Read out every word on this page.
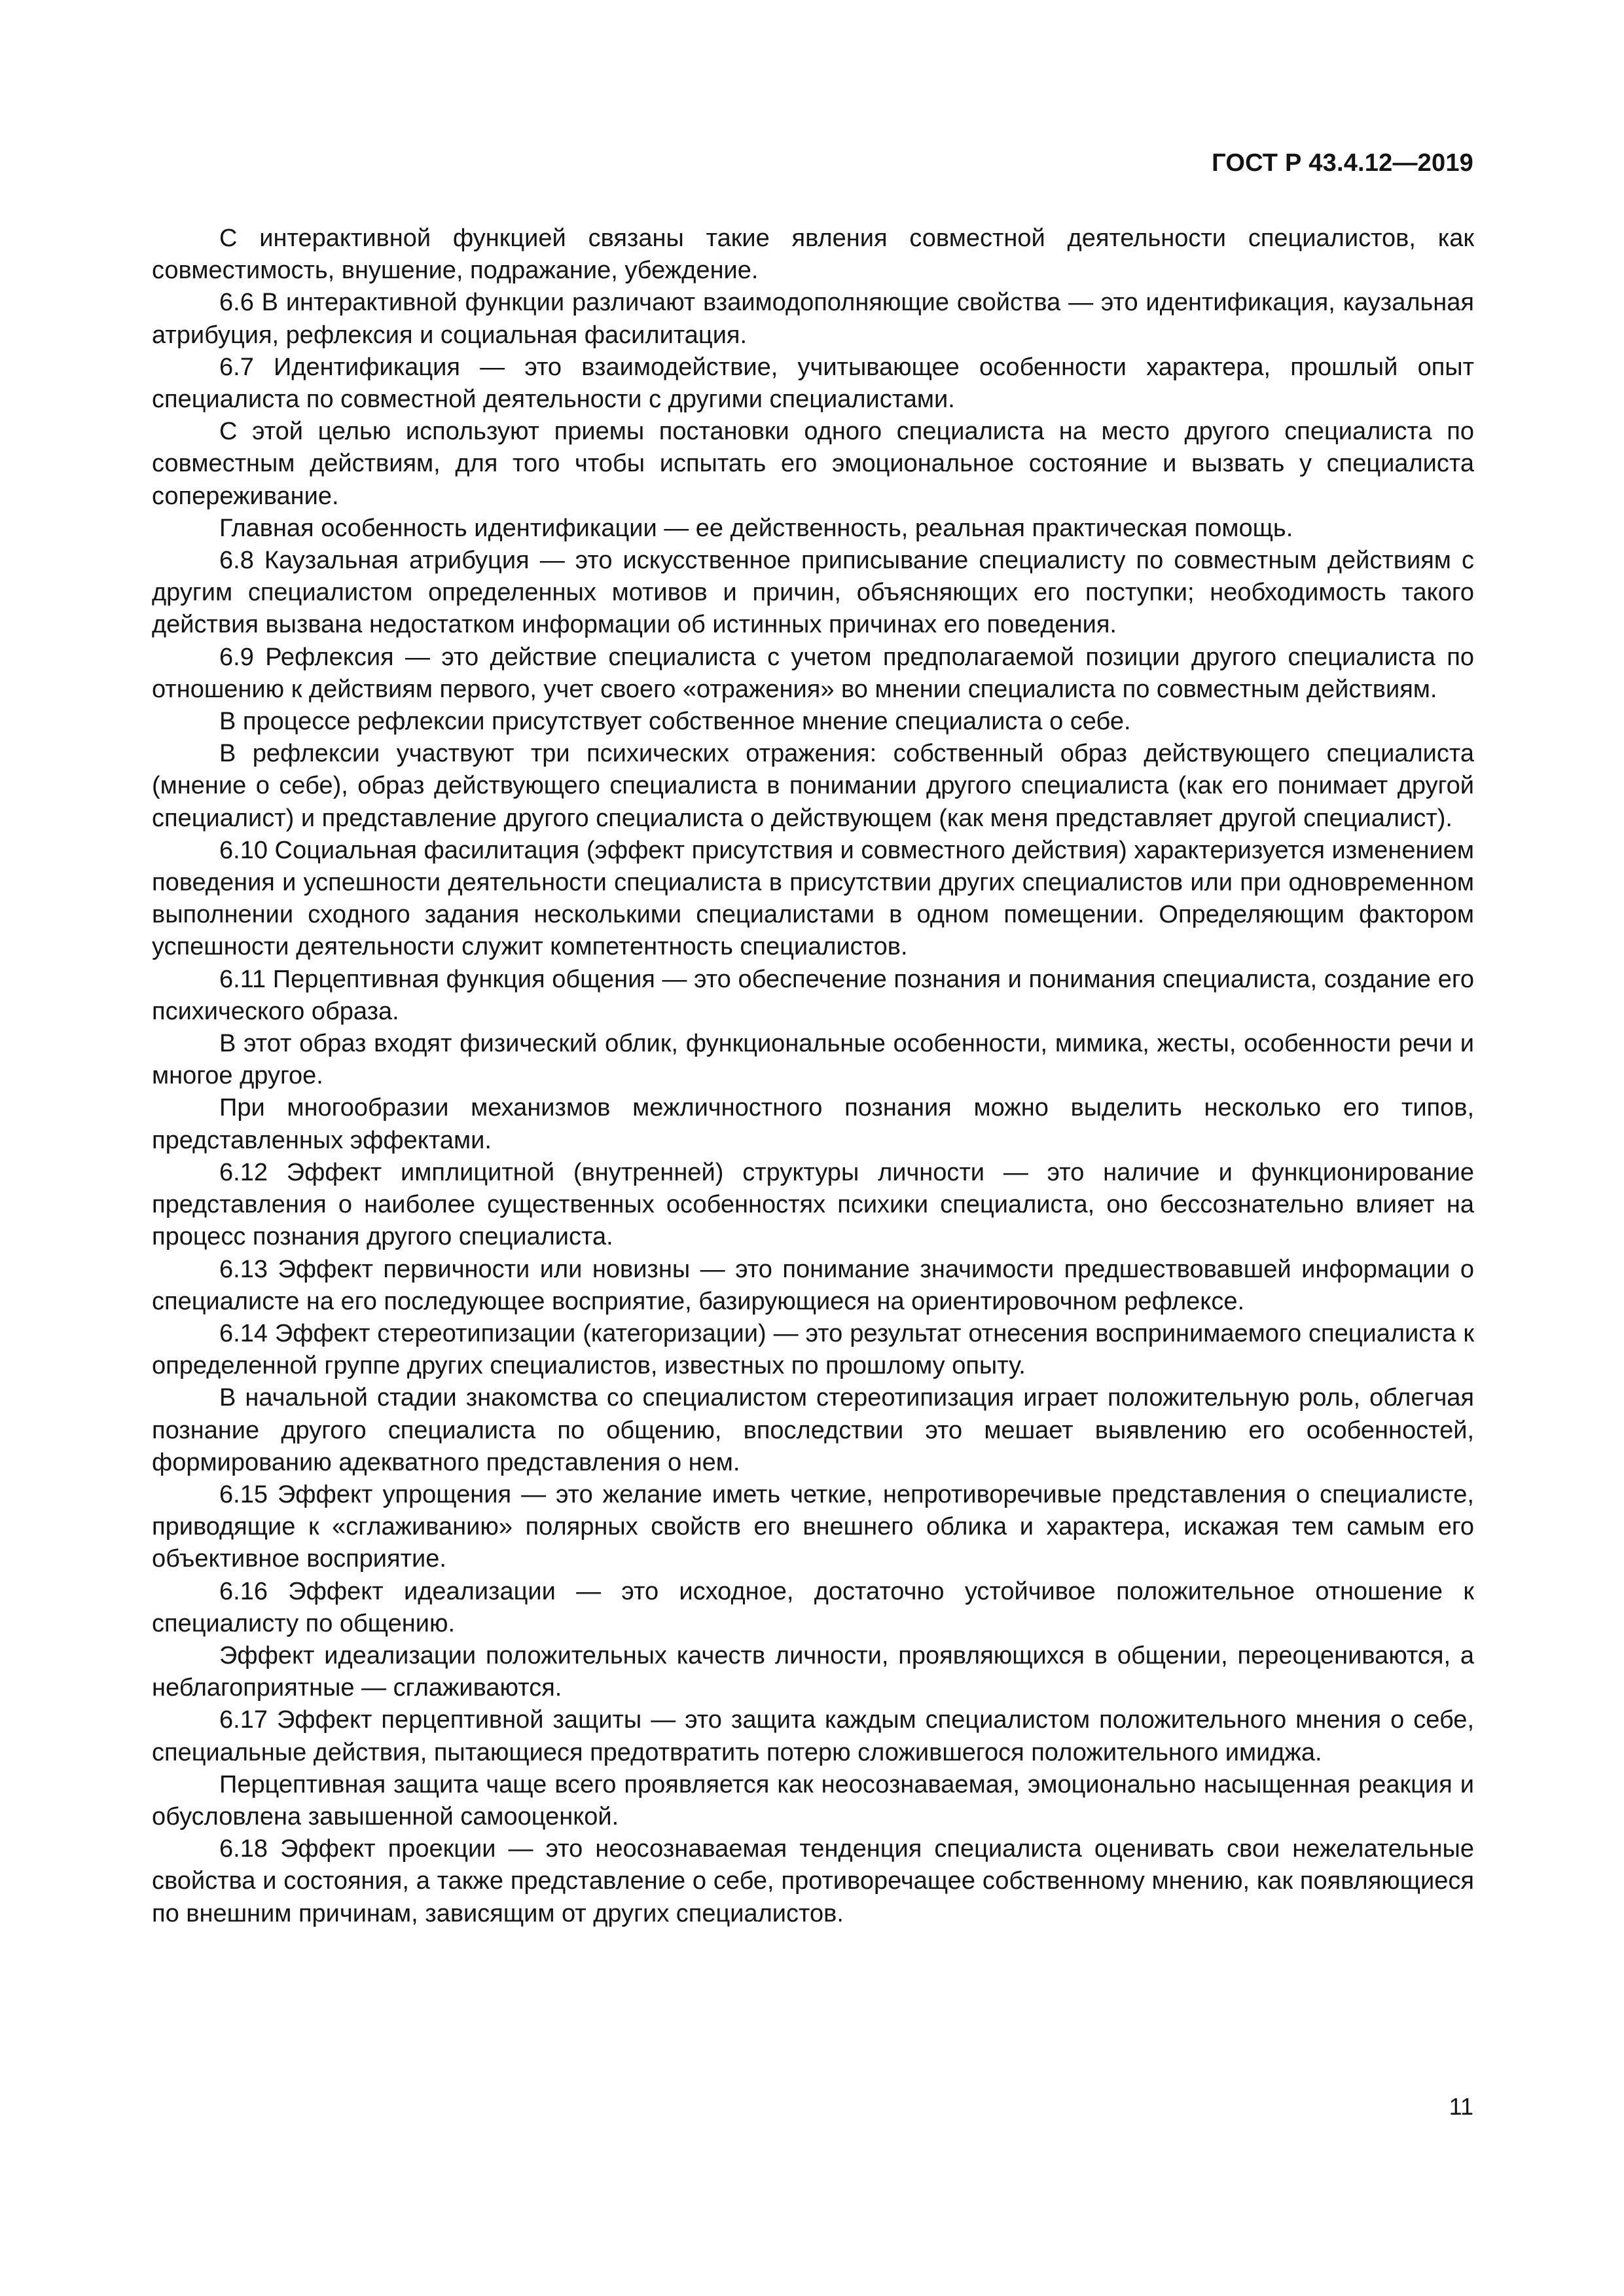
ГОСТ Р 43.4.12—2019

С интерактивной функцией связаны такие явления совместной деятельности специалистов, как совместимость, внушение, подражание, убеждение.

6.6 В интерактивной функции различают взаимодополняющие свойства — это идентификация, каузальная атрибуция, рефлексия и социальная фасилитация.

6.7 Идентификация — это взаимодействие, учитывающее особенности характера, прошлый опыт специалиста по совместной деятельности с другими специалистами.

С этой целью используют приемы постановки одного специалиста на место другого специалиста по совместным действиям, для того чтобы испытать его эмоциональное состояние и вызвать у специалиста сопереживание.

Главная особенность идентификации — ее действенность, реальная практическая помощь.

6.8 Каузальная атрибуция — это искусственное приписывание специалисту по совместным действиям с другим специалистом определенных мотивов и причин, объясняющих его поступки; необходимость такого действия вызвана недостатком информации об истинных причинах его поведения.

6.9 Рефлексия — это действие специалиста с учетом предполагаемой позиции другого специалиста по отношению к действиям первого, учет своего «отражения» во мнении специалиста по совместным действиям.

В процессе рефлексии присутствует собственное мнение специалиста о себе.

В рефлексии участвуют три психических отражения: собственный образ действующего специалиста (мнение о себе), образ действующего специалиста в понимании другого специалиста (как его понимает другой специалист) и представление другого специалиста о действующем (как меня представляет другой специалист).

6.10 Социальная фасилитация (эффект присутствия и совместного действия) характеризуется изменением поведения и успешности деятельности специалиста в присутствии других специалистов или при одновременном выполнении сходного задания несколькими специалистами в одном помещении. Определяющим фактором успешности деятельности служит компетентность специалистов.

6.11 Перцептивная функция общения — это обеспечение познания и понимания специалиста, создание его психического образа.

В этот образ входят физический облик, функциональные особенности, мимика, жесты, особенности речи и многое другое.

При многообразии механизмов межличностного познания можно выделить несколько его типов, представленных эффектами.

6.12 Эффект имплицитной (внутренней) структуры личности — это наличие и функционирование представления о наиболее существенных особенностях психики специалиста, оно бессознательно влияет на процесс познания другого специалиста.

6.13 Эффект первичности или новизны — это понимание значимости предшествовавшей информации о специалисте на его последующее восприятие, базирующиеся на ориентировочном рефлексе.

6.14 Эффект стереотипизации (категоризации) — это результат отнесения воспринимаемого специалиста к определенной группе других специалистов, известных по прошлому опыту.

В начальной стадии знакомства со специалистом стереотипизация играет положительную роль, облегчая познание другого специалиста по общению, впоследствии это мешает выявлению его особенностей, формированию адекватного представления о нем.

6.15 Эффект упрощения — это желание иметь четкие, непротиворечивые представления о специалисте, приводящие к «сглаживанию» полярных свойств его внешнего облика и характера, искажая тем самым его объективное восприятие.

6.16 Эффект идеализации — это исходное, достаточно устойчивое положительное отношение к специалисту по общению.

Эффект идеализации положительных качеств личности, проявляющихся в общении, переоцениваются, а неблагоприятные — сглаживаются.

6.17 Эффект перцептивной защиты — это защита каждым специалистом положительного мнения о себе, специальные действия, пытающиеся предотвратить потерю сложившегося положительного имиджа.

Перцептивная защита чаще всего проявляется как неосознаваемая, эмоционально насыщенная реакция и обусловлена завышенной самооценкой.

6.18 Эффект проекции — это неосознаваемая тенденция специалиста оценивать свои нежелательные свойства и состояния, а также представление о себе, противоречащее собственному мнению, как появляющиеся по внешним причинам, зависящим от других специалистов.

11
